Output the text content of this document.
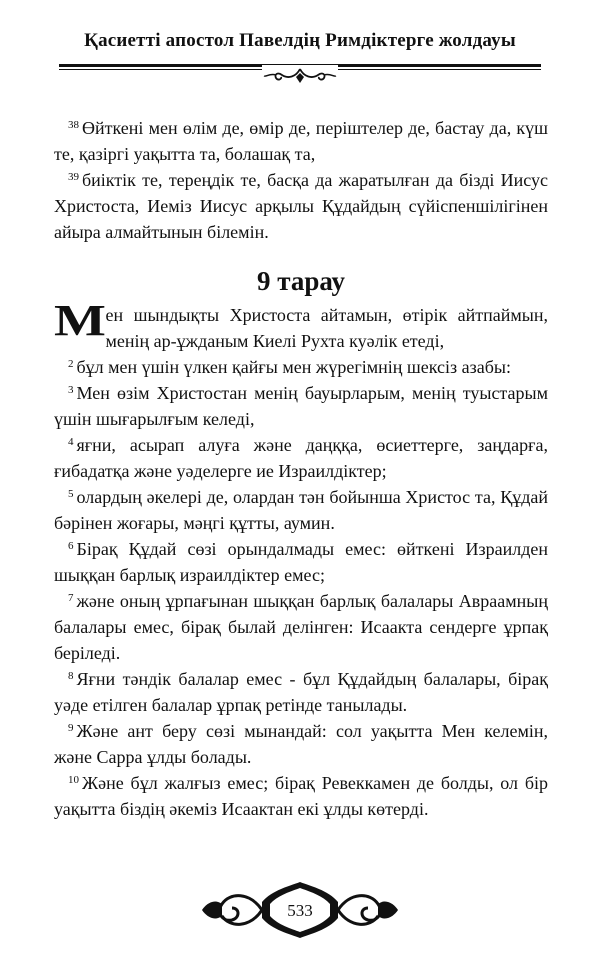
Қасиетті апостол Павелдің Римдіктерге жолдауы

$^{38}$ Өйткені мен өлім де, өмір де, періштелер де, бастау да, күш те, қазіргі уақытта та, болашақ та,

$^{39}$ биіктік те, тереңдік те, басқа да жаратылған да бізді Иисус Христоста, Иеміз Иисус арқылы Құдайдың сүйіспеншілігінен айыра алмайтынын білемін.

9 тарау

Мен шындықты Христоста айтамын, өтірік айтпаймын, менің ар-ұжданым Киелі Рухта куәлік етеді,

$^2$ бұл мен үшін үлкен қайғы мен жүрегімнің шексіз азабы:

$^3$ Мен өзім Христостан менің бауырларым, менің туыстарым үшін шығарылғым келеді,

$^4$ яғни, асырап алуға және даңққа, өсиеттерге, заңдарға, ғибадатқа және уәделерге ие Израилдіктер;

$^5$ олардың әкелері де, олардан тән бойынша Христос та, Құдай бәрінен жоғары, мәңгі құтты, аумин.

$^6$ Бірақ Құдай сөзі орындалмады емес: өйткені Израилден шыққан барлық израилдіктер емес;

$^7$ және оның ұрпағынан шыққан барлық балалары Авраамның балалары емес, бірақ былай делінген: Исаакта сендерге ұрпақ беріледі.

$^8$ Яғни тәндік балалар емес - бұл Құдайдың балалары, бірақ уәде етілген балалар ұрпақ ретінде танылады.

$^9$ Және ант беру сөзі мынандай: сол уақытта Мен келемін, және Сарра ұлды болады.

$^{10}$ Және бұл жалғыз емес; бірақ Ревеккамен де болды, ол бір уақытта біздің әкеміз Исаактан екі ұлды көтерді.

533
